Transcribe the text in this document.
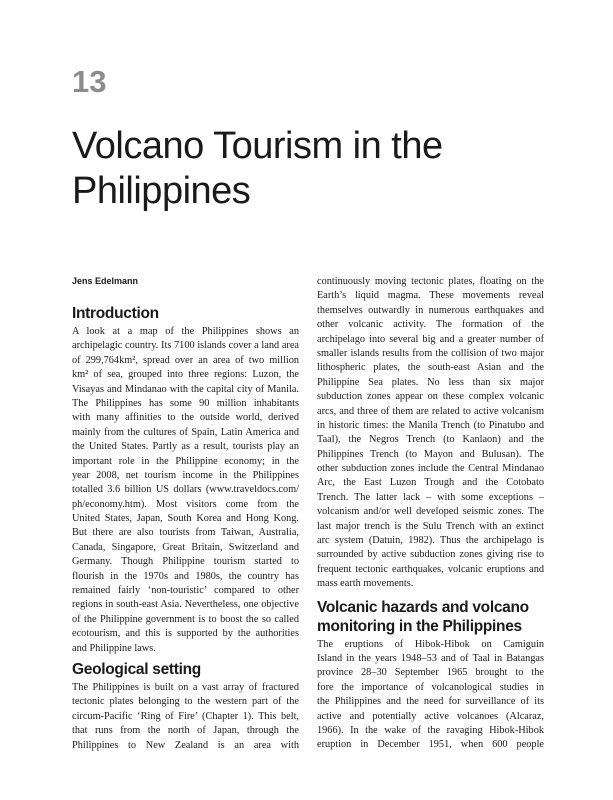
13
Volcano Tourism in the
Philippines
Jens Edelmann
Introduction

A look at a map of the Philippines shows an
archipelagic country. Its 7100 islands cover a land area
of 299,764km², spread over an area of two million
km² of sea, grouped into three regions: Luzon, the
Visayas and Mindanao with the capital city of Manila.
The Philippines has some 90 million inhabitants
with many affinities to the outside world, derived
mainly from the cultures of Spain, Latin America and
the United States. Partly as a result, tourists play an
important role in the Philippine economy; in the
year 2008, net tourism income in the Philippines
totalled 3.6 billion US dollars (www.traveldocs.com/
ph/economy.htm). Most visitors come from the
United States, Japan, South Korea and Hong Kong.
But there are also tourists from Taiwan, Australia,
Canada, Singapore, Great Britain, Switzerland and
Germany. Though Philippine tourism started to
flourish in the 1970s and 1980s, the country has
remained fairly ‘non-touristic’ compared to other
regions in south-east Asia. Nevertheless, one objective
of the Philippine government is to boost the so called
ecotourism, and this is supported by the authorities
and Philippine laws.

Geological setting

The Philippines is built on a vast array of fractured
tectonic plates belonging to the western part of the
circum-Pacific ‘Ring of Fire’ (Chapter 1). This belt,
that runs from the north of Japan, through the
Philippines to New Zealand is an area with

continuously moving tectonic plates, floating on the
Earth’s liquid magma. These movements reveal
themselves outwardly in numerous earthquakes and
other volcanic activity. The formation of the
archipelago into several big and a greater number of
smaller islands results from the collision of two major
lithospheric plates, the south-east Asian and the
Philippine Sea plates. No less than six major
subduction zones appear on these complex volcanic
arcs, and three of them are related to active volcanism
in historic times: the Manila Trench (to Pinatubo and
Taal), the Negros Trench (to Kanlaon) and the
Philippines Trench (to Mayon and Bulusan). The
other subduction zones include the Central Mindanao
Arc, the East Luzon Trough and the Cotobato
Trench. The latter lack – with some exceptions –
volcanism and/or well developed seismic zones. The
last major trench is the Sulu Trench with an extinct
arc system (Datuin, 1982). Thus the archipelago is
surrounded by active subduction zones giving rise to
frequent tectonic earthquakes, volcanic eruptions and
mass earth movements.

Volcanic hazards and volcano
monitoring in the Philippines

The eruptions of Hibok-Hibok on Camiguin
Island in the years 1948–53 and of Taal in Batangas
province 28–30 September 1965 brought to the
fore the importance of volcanological studies in
the Philippines and the need for surveillance of its
active and potentially active volcanoes (Alcaraz,
1966). In the wake of the ravaging Hibok-Hibok
eruption in December 1951, when 600 people
